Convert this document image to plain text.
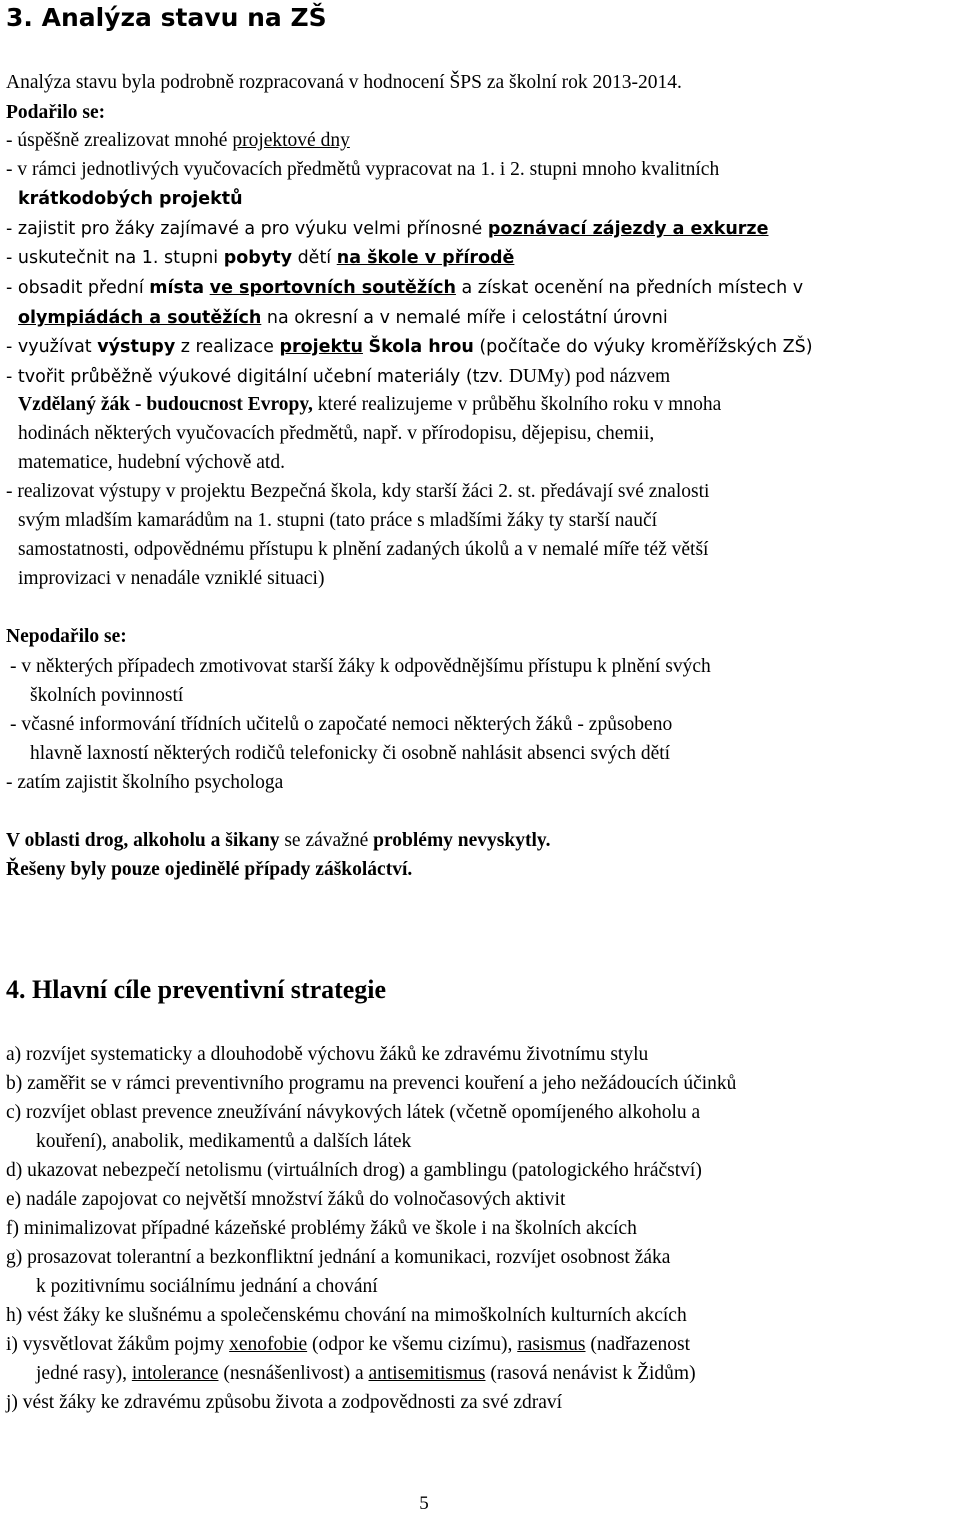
3. Analýza stavu na ZŠ
Analýza stavu byla podrobně rozpracovaná v hodnocení ŠPS za školní rok 2013-2014.
Podařilo se:
- úspěšně zrealizovat mnohé projektové dny
- v rámci jednotlivých vyučovacích předmětů vypracovat na 1. i 2. stupni mnoho kvalitních
krátkodobých projektů
- zajistit pro žáky zajímavé a pro výuku velmi přínosné poznávací zájezdy a exkurze
- uskutečnit na 1. stupni pobyty dětí na škole v přírodě
- obsadit přední místa ve sportovních soutěžích a získat ocenění na předních místech v
olympiádách a soutěžích na okresní a v nemalé míře i celostátní úrovni
- využívat výstupy z realizace projektu Škola hrou (počítače do výuky kroměřížských ZŠ)
- tvořit průběžně výukové digitální učební materiály (tzv. DUMy) pod názvem
Vzdělaný žák - budoucnost Evropy, které realizujeme v průběhu školního roku v mnoha
hodinách některých vyučovacích předmětů, např. v přírodopisu, dějepisu, chemii,
matematice, hudební výchově atd.
- realizovat výstupy v projektu Bezpečná škola, kdy starší žáci 2. st. předávají své znalosti
svým mladším kamarádům na 1. stupni (tato práce s mladšími žáky ty starší naučí
samostatnosti, odpovědnému přístupu k plnění zadaných úkolů a v nemalé míře též větší
improvizaci v nenadále vzniklé situaci)
Nepodařilo se:
- v některých případech zmotivovat starší žáky k odpovědnějšímu přístupu k plnění svých
školních povinností
- včasné informování třídních učitelů o započaté nemoci některých žáků - způsobeno
hlavně laxností některých rodičů telefonicky či osobně nahlásit absenci svých dětí
- zatím zajistit školního psychologa
V oblasti drog, alkoholu a šikany se závažné problémy nevyskytly.
Řešeny byly pouze ojedinělé případy záškoláctví.
4. Hlavní cíle preventivní strategie
a) rozvíjet systematicky a dlouhodobě výchovu žáků ke zdravému životnímu stylu
b) zaměřit se v rámci preventivního programu na prevenci kouření a jeho nežádoucích účinků
c) rozvíjet oblast prevence zneužívání návykových látek (včetně opomíjeného alkoholu a
kouření), anabolik, medikamentů a dalších látek
d) ukazovat nebezpečí netolismu (virtuálních drog) a gamblingu (patologického hráčství)
e) nadále zapojovat co největší množství žáků do volnočasových aktivit
f) minimalizovat případné kázeňské problémy žáků ve škole i na školních akcích
g) prosazovat tolerantní a bezkonfliktní jednání a komunikaci, rozvíjet osobnost žáka
k pozitivnímu sociálnímu jednání a chování
h) vést žáky ke slušnému a společenskému chování na mimoškolních kulturních akcích
i) vysvětlovat žákům pojmy xenofobie (odpor ke všemu cizímu), rasismus (nadřazenost
jedné rasy), intolerance (nesnášenlivost) a antisemitismus (rasová nenávist k Židům)
j) vést žáky ke zdravému způsobu života a zodpovědnosti za své zdraví
5
